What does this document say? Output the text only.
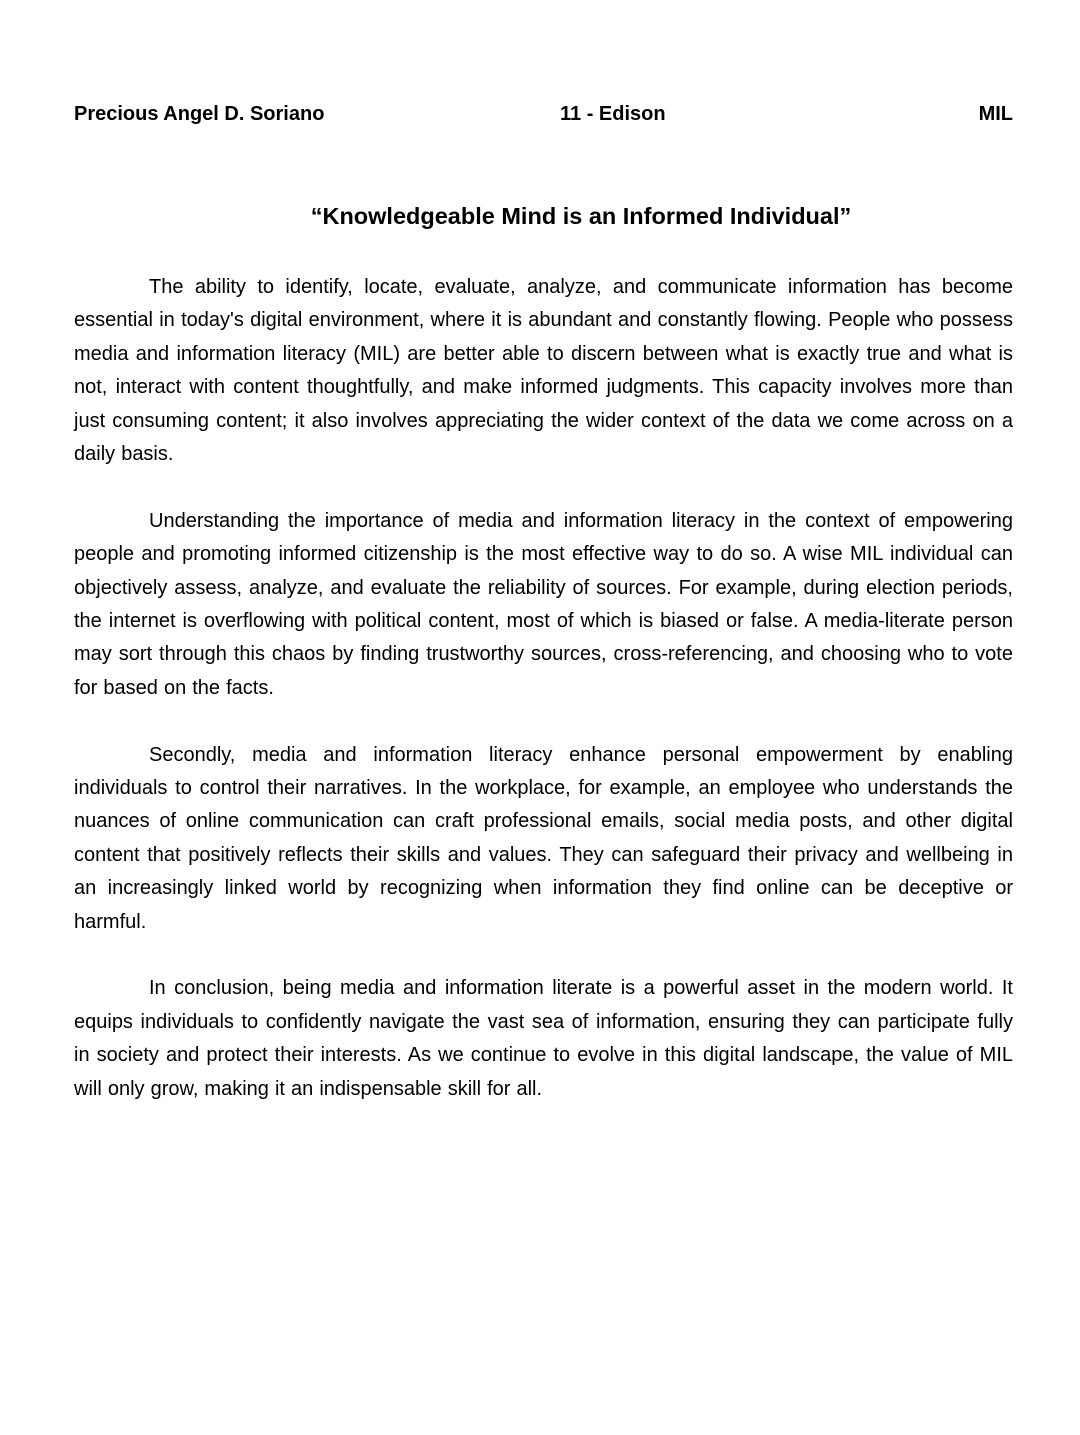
Precious Angel D. Soriano	11 - Edison	MIL
“Knowledgeable Mind is an Informed Individual”

The ability to identify, locate, evaluate, analyze, and communicate information has become essential in today's digital environment, where it is abundant and constantly flowing. People who possess media and information literacy (MIL) are better able to discern between what is exactly true and what is not, interact with content thoughtfully, and make informed judgments. This capacity involves more than just consuming content; it also involves appreciating the wider context of the data we come across on a daily basis.

Understanding the importance of media and information literacy in the context of empowering people and promoting informed citizenship is the most effective way to do so. A wise MIL individual can objectively assess, analyze, and evaluate the reliability of sources. For example, during election periods, the internet is overflowing with political content, most of which is biased or false. A media-literate person may sort through this chaos by finding trustworthy sources, cross-referencing, and choosing who to vote for based on the facts.

Secondly, media and information literacy enhance personal empowerment by enabling individuals to control their narratives. In the workplace, for example, an employee who understands the nuances of online communication can craft professional emails, social media posts, and other digital content that positively reflects their skills and values. They can safeguard their privacy and wellbeing in an increasingly linked world by recognizing when information they find online can be deceptive or harmful.

In conclusion, being media and information literate is a powerful asset in the modern world. It equips individuals to confidently navigate the vast sea of information, ensuring they can participate fully in society and protect their interests. As we continue to evolve in this digital landscape, the value of MIL will only grow, making it an indispensable skill for all.
